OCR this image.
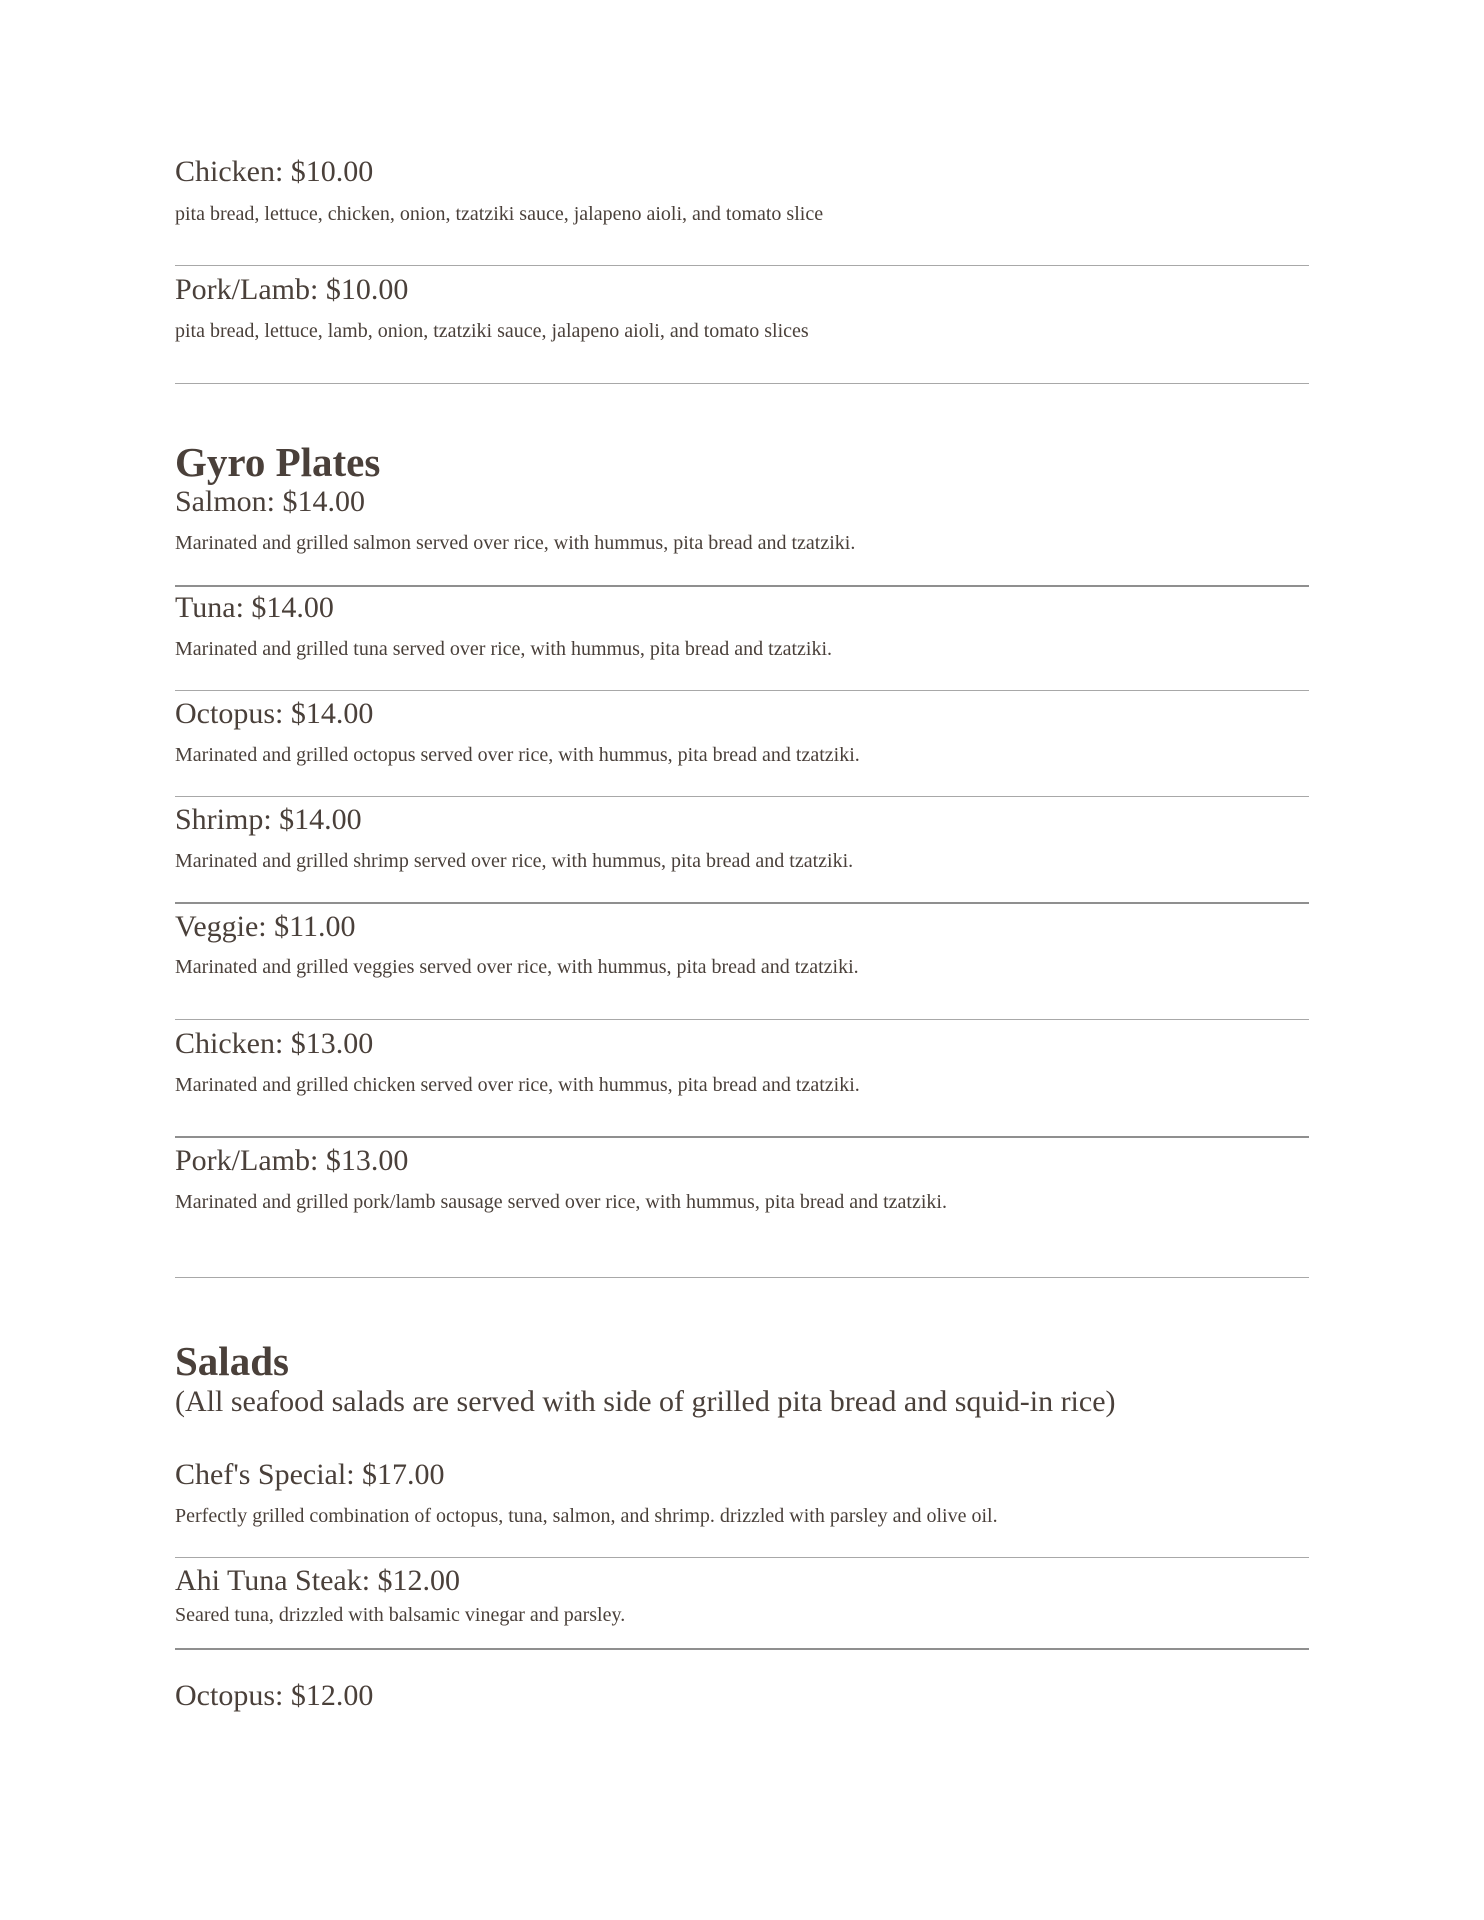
Chicken: $10.00
pita bread, lettuce, chicken, onion, tzatziki sauce, jalapeno aioli, and tomato slice
Pork/Lamb: $10.00
pita bread, lettuce, lamb, onion, tzatziki sauce, jalapeno aioli, and tomato slices
Gyro Plates
Salmon: $14.00
Marinated and grilled salmon served over rice, with hummus, pita bread and tzatziki.
Tuna: $14.00
Marinated and grilled tuna served over rice, with hummus, pita bread and tzatziki.
Octopus: $14.00
Marinated and grilled octopus served over rice, with hummus, pita bread and tzatziki.
Shrimp: $14.00
Marinated and grilled shrimp served over rice, with hummus, pita bread and tzatziki.
Veggie: $11.00
Marinated and grilled veggies served over rice, with hummus, pita bread and tzatziki.
Chicken: $13.00
Marinated and grilled chicken served over rice, with hummus, pita bread and tzatziki.
Pork/Lamb: $13.00
Marinated and grilled pork/lamb sausage served over rice, with hummus, pita bread and tzatziki.
Salads
(All seafood salads are served with side of grilled pita bread and squid-in rice)
Chef's Special: $17.00
Perfectly grilled combination of octopus, tuna, salmon, and shrimp. drizzled with parsley and olive oil.
Ahi Tuna Steak: $12.00
Seared tuna, drizzled with balsamic vinegar and parsley.
Octopus: $12.00
